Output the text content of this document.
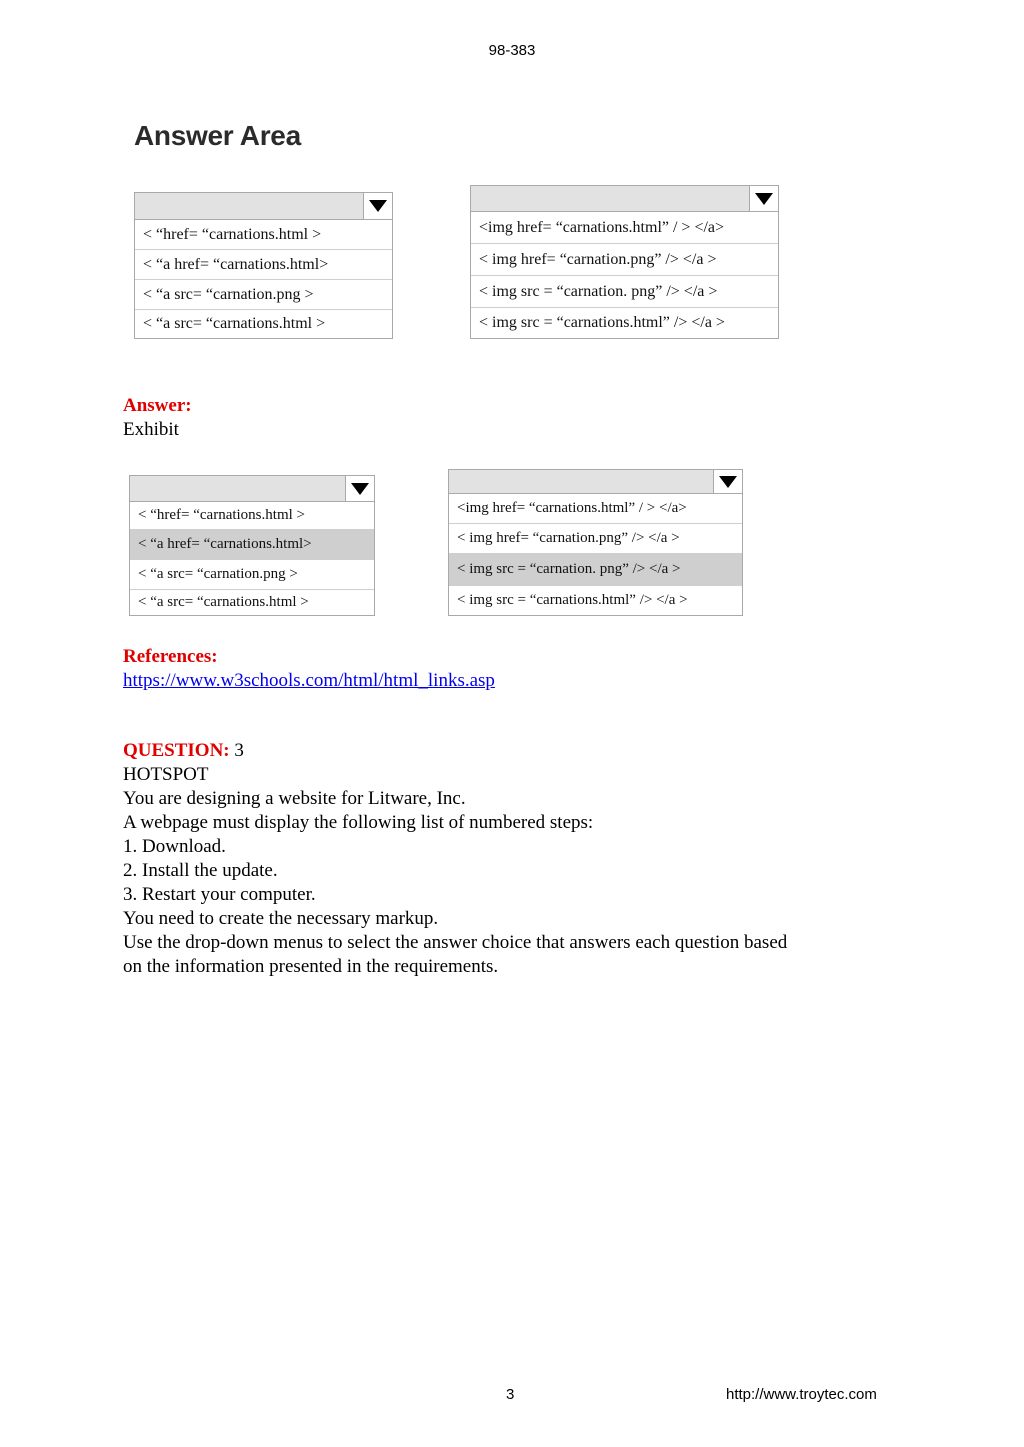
98-383
Answer Area
< “href= “carnations.html >
< “a href= “carnations.html>
< “a src= “carnation.png >
< “a src= “carnations.html >
<img href= “carnations.html” / > </a>
< img href= “carnation.png” /> </a >
< img src = “carnation. png” /> </a >
< img src = “carnations.html” /> </a >
Answer:
Exhibit
< “href= “carnations.html >
< “a href= “carnations.html>
< “a src= “carnation.png >
< “a src= “carnations.html >
<img href= “carnations.html” / > </a>
< img href= “carnation.png” /> </a >
< img src = “carnation. png” /> </a >
< img src = “carnations.html” /> </a >
References:
https://www.w3schools.com/html/html_links.asp
QUESTION: 3
HOTSPOT
You are designing a website for Litware, Inc.
A webpage must display the following list of numbered steps:
1. Download.
2. Install the update.
3. Restart your computer.
You need to create the necessary markup.
Use the drop-down menus to select the answer choice that answers each question based
on the information presented in the requirements.
3	http://www.troytec.com
